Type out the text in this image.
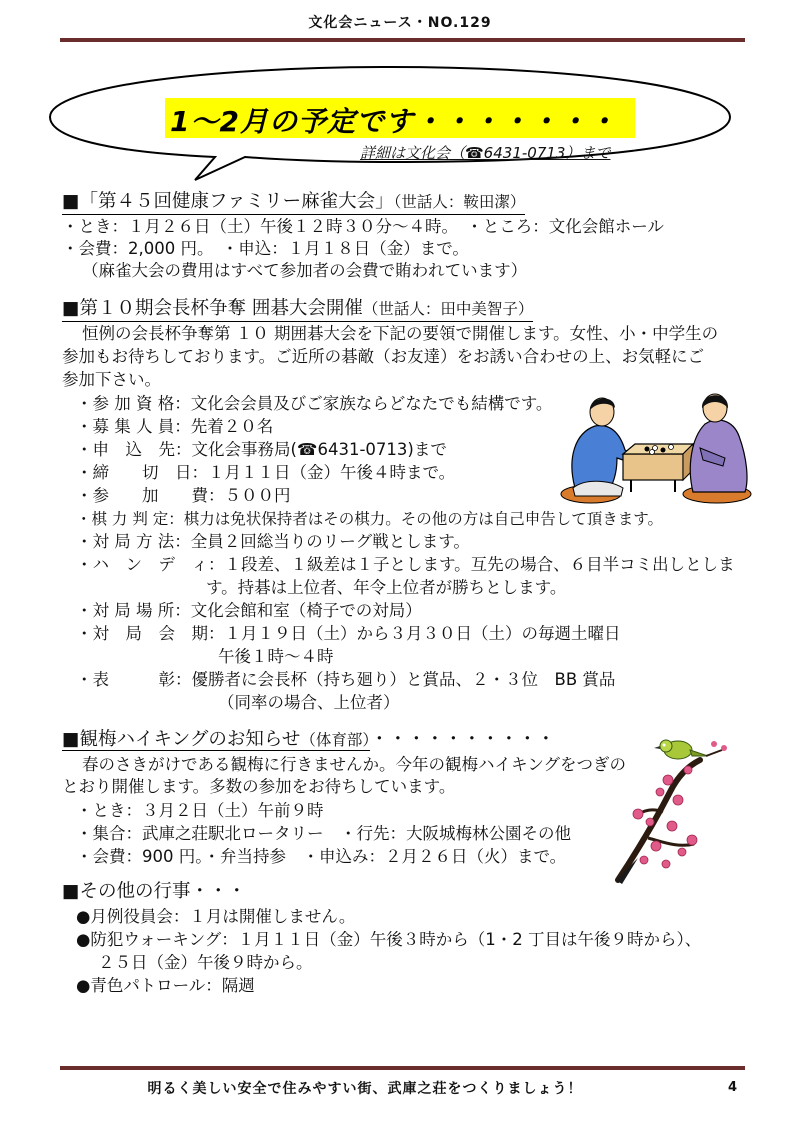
文化会ニュース・NO.129
1〜2月の予定です・・・・・・・
詳細は文化会（☎6431-0713）まで
■「第４５回健康ファミリー麻雀大会」（世話人：鞍田潔）
・とき：１月２６日（土）午後１２時３０分〜４時。　・ところ：文化会館ホール
・会費：2,000 円。　・申込：１月１８日（金）まで。
（麻雀大会の費用はすべて参加者の会費で賄われています）
■第１０期会長杯争奪 囲碁大会開催（世話人：田中美智子）
恒例の会長杯争奪第 １０ 期囲碁大会を下記の要領で開催します。女性、小・中学生の
参加もお待ちしております。ご近所の碁敵（お友達）をお誘い合わせの上、お気軽にご
参加下さい。
・参 加 資 格：文化会会員及びご家族ならどなたでも結構です。
・募 集 人 員：先着２０名
・申　込　先：文化会事務局(☎6431-0713)まで
・締　　切　日：１月１１日（金）午後４時まで。
・参　　加　　費：５００円
・棋 力 判 定：棋力は免状保持者はその棋力。その他の方は自己申告して頂きます。
・対 局 方 法：全員２回総当りのリーグ戦とします。
・ハ　ン　デ　ィ：１段差、１級差は１子とします。互先の場合、６目半コミ出しとしま
す。持碁は上位者、年令上位者が勝ちとします。
・対 局 場 所：文化会館和室（椅子での対局）
・対　局　会　期：１月１９日（土）から３月３０日（土）の毎週土曜日
午後１時〜４時
・表　　　彰：優勝者に会長杯（持ち廻り）と賞品、２・３位　BB 賞品
（同率の場合、上位者）
■観梅ハイキングのお知らせ（体育部）・・・・・・・・・・
春のさきがけである観梅に行きませんか。今年の観梅ハイキングをつぎの
とおり開催します。多数の参加をお待ちしています。
・とき：３月２日（土）午前９時
・集合：武庫之荘駅北ロータリー　・行先：大阪城梅林公園その他
・会費：900 円。・弁当持参　・申込み：２月２６日（火）まで。
■その他の行事・・・
●月例役員会：１月は開催しません。
●防犯ウォーキング：１月１１日（金）午後３時から（1・2 丁目は午後９時から）、
２５日（金）午後９時から。
●青色パトロール：隔週
明るく美しい安全で住みやすい街、武庫之荘をつくりましょう！	4
